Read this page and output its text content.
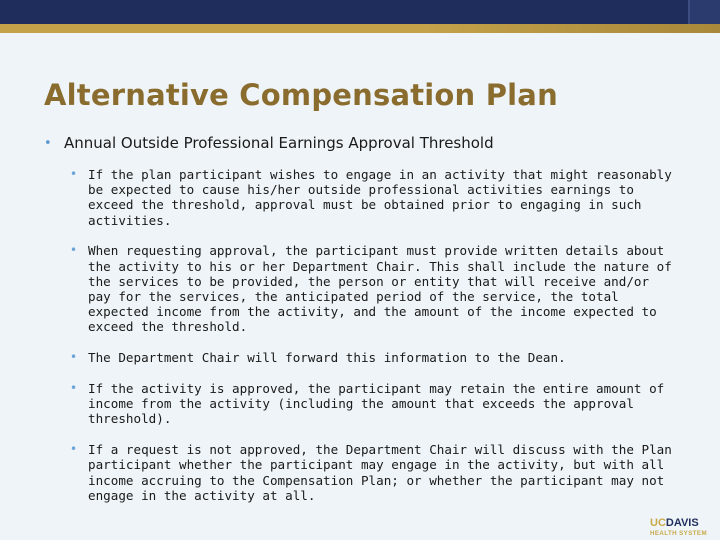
Alternative Compensation Plan
• Annual Outside Professional Earnings Approval Threshold
• If the plan participant wishes to engage in an activity that might reasonably be expected to cause his/her outside professional activities earnings to exceed the threshold, approval must be obtained prior to engaging in such activities.
• When requesting approval, the participant must provide written details about the activity to his or her Department Chair. This shall include the nature of the services to be provided, the person or entity that will receive and/or pay for the services, the anticipated period of the service, the total expected income from the activity, and the amount of the income expected to exceed the threshold.
• The Department Chair will forward this information to the Dean.
• If the activity is approved, the participant may retain the entire amount of income from the activity (including the amount that exceeds the approval threshold).
• If a request is not approved, the Department Chair will discuss with the Plan participant whether the participant may engage in the activity, but with all income accruing to the Compensation Plan; or whether the participant may not engage in the activity at all.
UCDAVIS
HEALTH SYSTEM
